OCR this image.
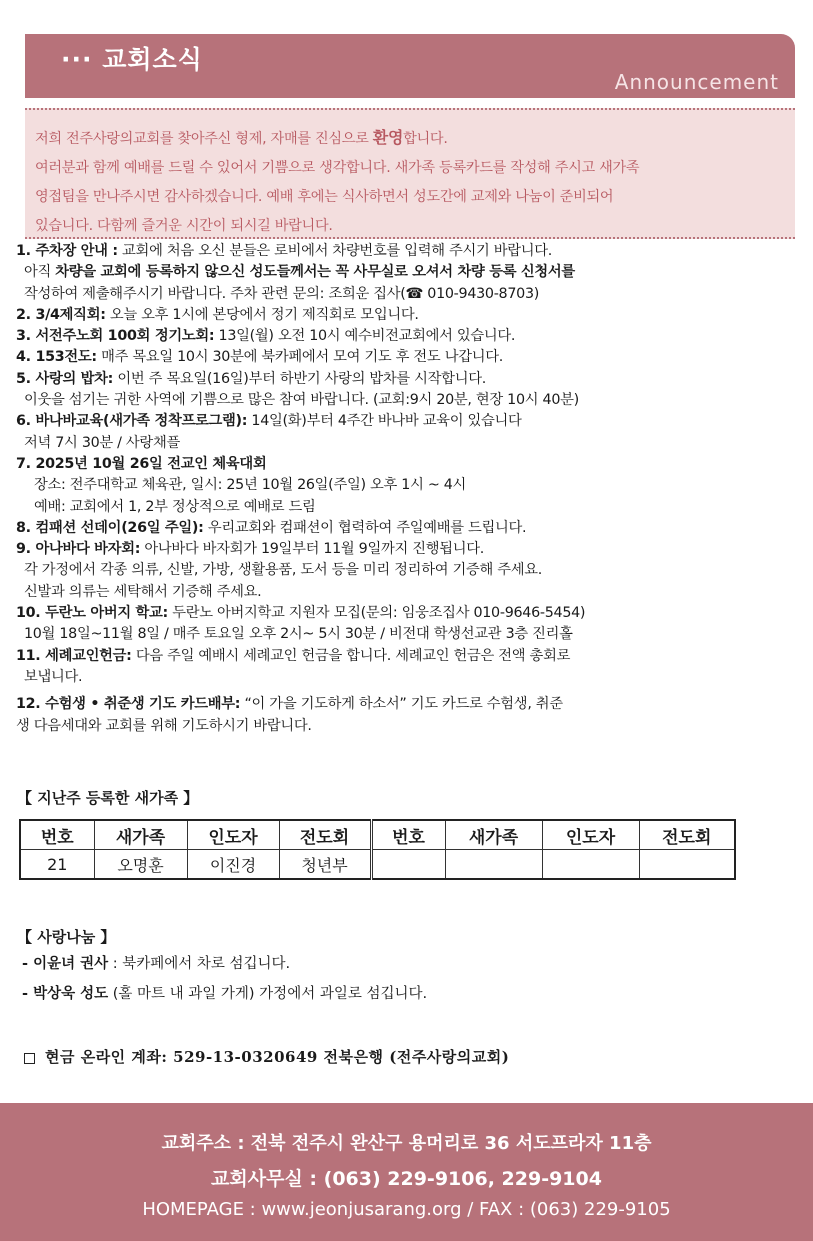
··· 교회소식
Announcement
저희 전주사랑의교회를 찾아주신 형제, 자매를 진심으로 환영합니다.
여러분과 함께 예배를 드릴 수 있어서 기쁨으로 생각합니다. 새가족 등록카드를 작성해 주시고 새가족
영접팀을 만나주시면 감사하겠습니다. 예배 후에는 식사하면서 성도간에 교제와 나눔이 준비되어
있습니다. 다함께 즐거운 시간이 되시길 바랍니다.
1. 주차장 안내 : 교회에 처음 오신 분들은 로비에서 차량번호를 입력해 주시기 바랍니다.
아직 차량을 교회에 등록하지 않으신 성도들께서는 꼭 사무실로 오셔서 차량 등록 신청서를
작성하여 제출해주시기 바랍니다. 주차 관련 문의: 조희운 집사(☎ 010-9430-8703)
2. 3/4제직회: 오늘 오후 1시에 본당에서 정기 제직회로 모입니다.
3. 서전주노회 100회 정기노회: 13일(월) 오전 10시 예수비전교회에서 있습니다.
4. 153전도: 매주 목요일 10시 30분에 북카페에서 모여 기도 후 전도 나갑니다.
5. 사랑의 밥차: 이번 주 목요일(16일)부터 하반기 사랑의 밥차를 시작합니다.
이웃을 섬기는 귀한 사역에 기쁨으로 많은 참여 바랍니다. (교회:9시 20분, 현장 10시 40분)
6. 바나바교육(새가족 정착프로그램): 14일(화)부터 4주간 바나바 교육이 있습니다
저녁 7시 30분 / 사랑채플
7. 2025년 10월 26일 전교인 체육대회
장소: 전주대학교 체육관, 일시: 25년 10월 26일(주일) 오후 1시 ~ 4시
예배: 교회에서 1, 2부 정상적으로 예배로 드림
8. 컴패션 선데이(26일 주일): 우리교회와 컴패션이 협력하여 주일예배를 드립니다.
9. 아나바다 바자회: 아나바다 바자회가 19일부터 11월 9일까지 진행됩니다.
각 가정에서 각종 의류, 신발, 가방, 생활용품, 도서 등을 미리 정리하여 기증해 주세요.
신발과 의류는 세탁해서 기증해 주세요.
10. 두란노 아버지 학교: 두란노 아버지학교 지원자 모집(문의: 임웅조집사 010-9646-5454)
10월 18일~11월 8일 / 매주 토요일 오후 2시~ 5시 30분 / 비전대 학생선교관 3층 진리홀
11. 세례교인헌금: 다음 주일 예배시 세례교인 헌금을 합니다. 세례교인 헌금은 전액 총회로
보냅니다.
12. 수험생 • 취준생 기도 카드배부: “이 가을 기도하게 하소서” 기도 카드로 수험생, 취준
생 다음세대와 교회를 위해 기도하시기 바랍니다.
【 지난주 등록한 새가족 】
번호	새가족	인도자	전도회	번호	새가족	인도자	전도회
21	오명훈	이진경	청년부				
【 사랑나눔 】
- 이윤녀 권사 : 북카페에서 차로 섬깁니다.
- 박상욱 성도 (홀 마트 내 과일 가게) 가정에서 과일로 섬깁니다.
현금 온라인 계좌: 529-13-0320649 전북은행 (전주사랑의교회)
교회주소 : 전북 전주시 완산구 용머리로 36 서도프라자 11층
교회사무실 : (063) 229-9106, 229-9104
HOMEPAGE : www.jeonjusarang.org / FAX : (063) 229-9105
